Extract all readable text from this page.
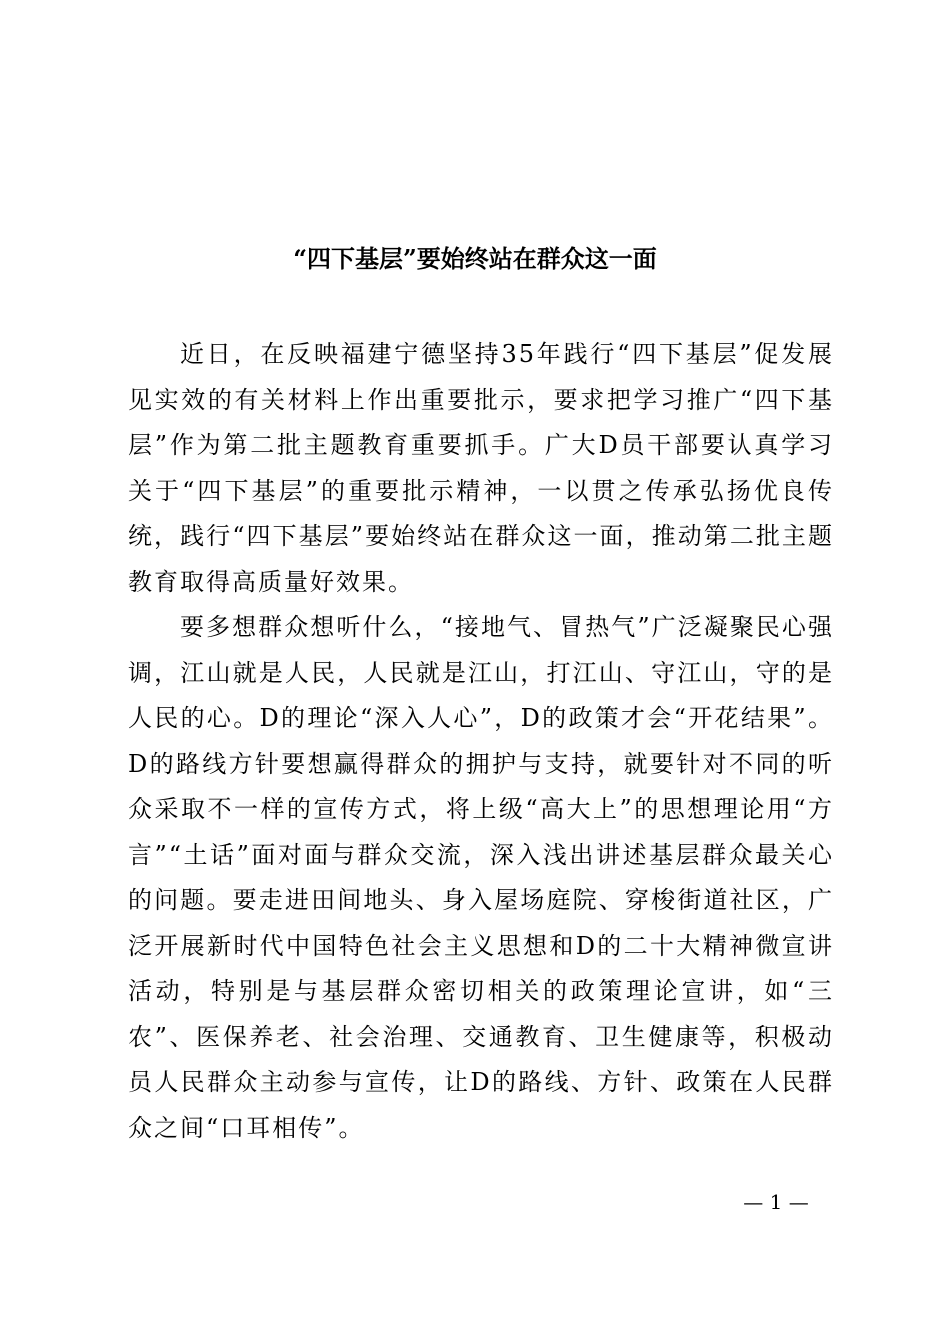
“四下基层”要始终站在群众这一面

近日，在反映福建宁德坚持35年践行“四下基层”促发展见实效的有关材料上作出重要批示，要求把学习推广“四下基层”作为第二批主题教育重要抓手。广大D员干部要认真学习关于“四下基层”的重要批示精神，一以贯之传承弘扬优良传统，践行“四下基层”要始终站在群众这一面，推动第二批主题教育取得高质量好效果。

要多想群众想听什么，“接地气、冒热气”广泛凝聚民心强调，江山就是人民，人民就是江山，打江山、守江山，守的是人民的心。D的理论“深入人心”，D的政策才会“开花结果”。D的路线方针要想赢得群众的拥护与支持，就要针对不同的听众采取不一样的宣传方式，将上级“高大上”的思想理论用“方言”“土话”面对面与群众交流，深入浅出讲述基层群众最关心的问题。要走进田间地头、身入屋场庭院、穿梭街道社区，广泛开展新时代中国特色社会主义思想和D的二十大精神微宣讲活动，特别是与基层群众密切相关的政策理论宣讲，如“三农”、医保养老、社会治理、交通教育、卫生健康等，积极动员人民群众主动参与宣传，让D的路线、方针、政策在人民群众之间“口耳相传”。

— 1 —
